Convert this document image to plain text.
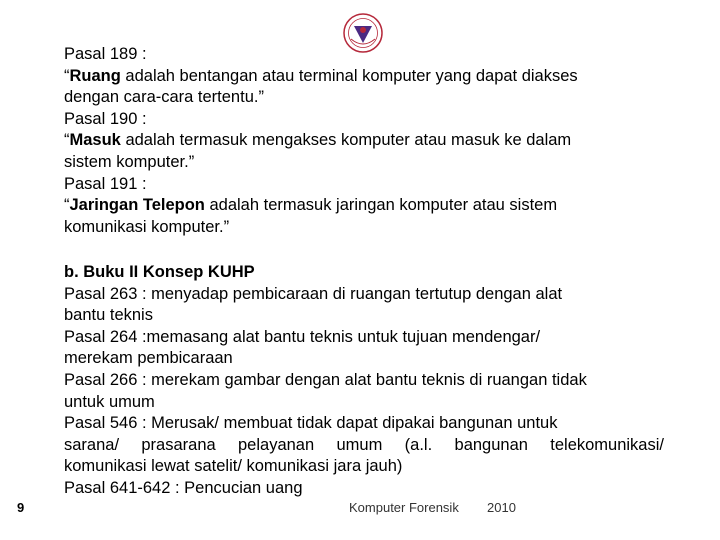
Pasal 189 :
“Ruang adalah bentangan atau terminal komputer yang dapat diakses
dengan cara-cara tertentu.”
Pasal 190 :
“Masuk adalah termasuk mengakses komputer atau masuk ke dalam
sistem komputer.”
Pasal 191 :
“Jaringan Telepon adalah termasuk jaringan komputer atau sistem
komunikasi komputer.”
b. Buku II Konsep KUHP
Pasal 263 : menyadap pembicaraan di ruangan tertutup dengan alat
bantu teknis
Pasal 264 :memasang alat bantu teknis untuk tujuan mendengar/
merekam pembicaraan
Pasal 266 : merekam gambar dengan alat bantu teknis di ruangan tidak
untuk umum
Pasal 546 : Merusak/ membuat tidak dapat dipakai bangunan untuk
sarana/ prasarana pelayanan umum (a.l. bangunan telekomunikasi/
komunikasi lewat satelit/ komunikasi jara jauh)
Pasal 641-642 : Pencucian uang
9	Komputer Forensik 2010
